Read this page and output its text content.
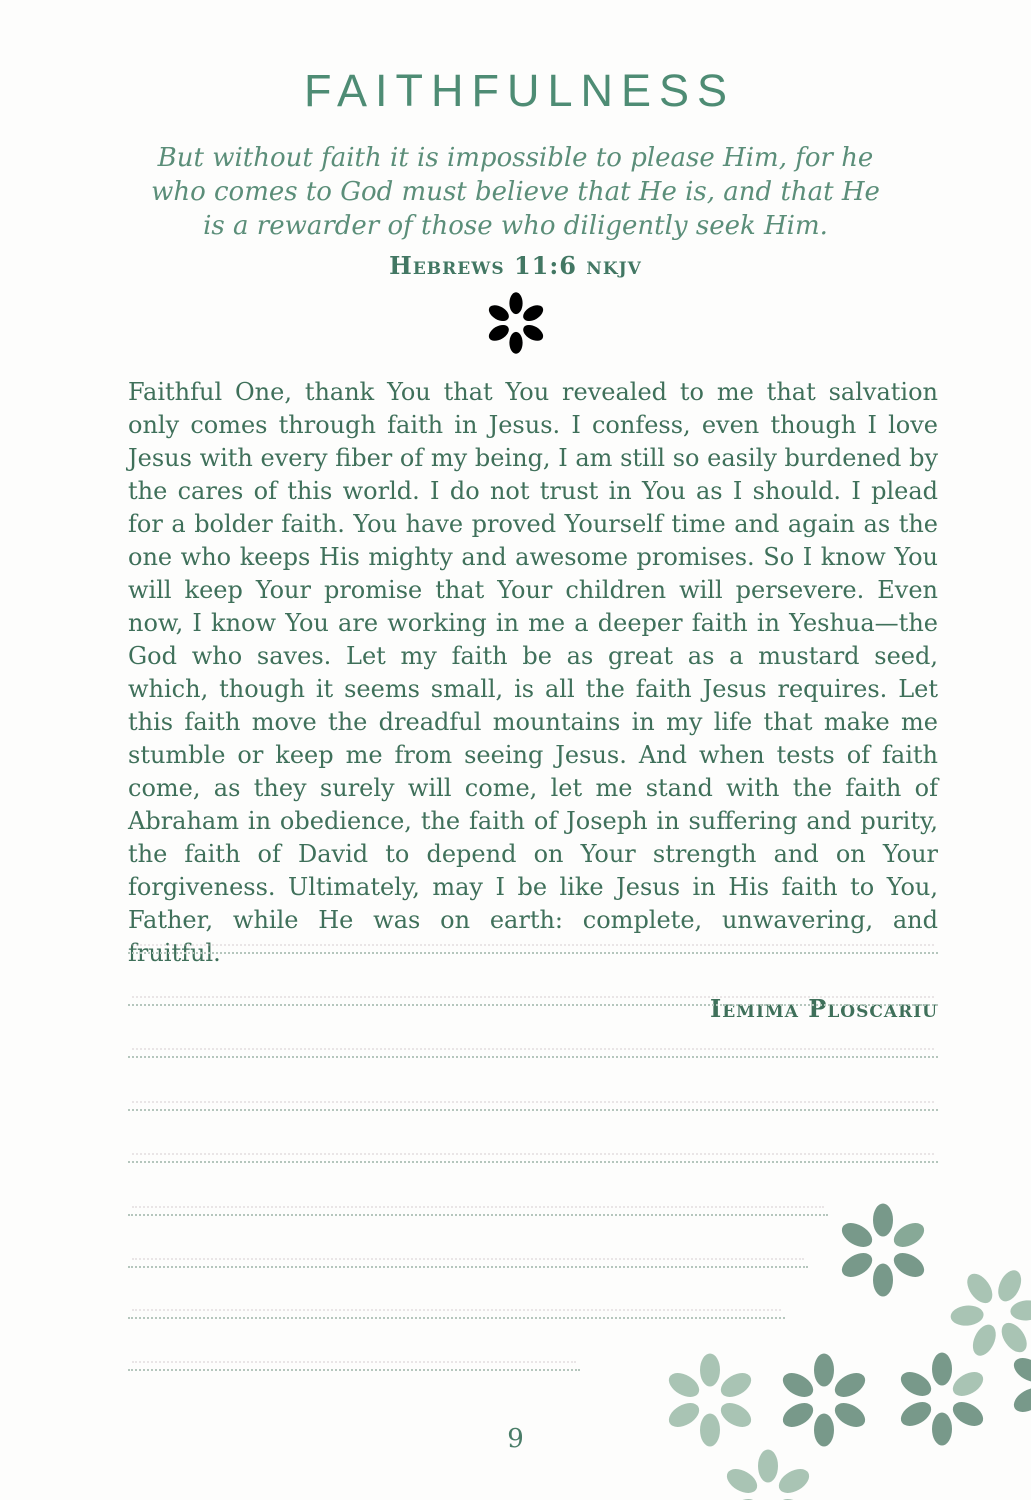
FAITHFULNESS
But without faith it is impossible to please Him, for he
who comes to God must believe that He is, and that He
is a rewarder of those who diligently seek Him.
Hebrews 11:6 nkjv

Faithful One, thank You that You revealed to me that salvation only comes through faith in Jesus. I confess, even though I love Jesus with every fiber of my being, I am still so easily burdened by the cares of this world. I do not trust in You as I should. I plead for a bolder faith. You have proved Yourself time and again as the one who keeps His mighty and awesome promises. So I know You will keep Your promise that Your children will persevere. Even now, I know You are working in me a deeper faith in Yeshua—the God who saves. Let my faith be as great as a mustard seed, which, though it seems small, is all the faith Jesus requires. Let this faith move the dreadful mountains in my life that make me stumble or keep me from seeing Jesus. And when tests of faith come, as they surely will come, let me stand with the faith of Abraham in obedience, the faith of Joseph in suffering and purity, the faith of David to depend on Your strength and on Your forgiveness. Ultimately, may I be like Jesus in His faith to You, Father, while He was on earth: complete, unwavering, and fruitful.

Iemima Ploscariu
9
